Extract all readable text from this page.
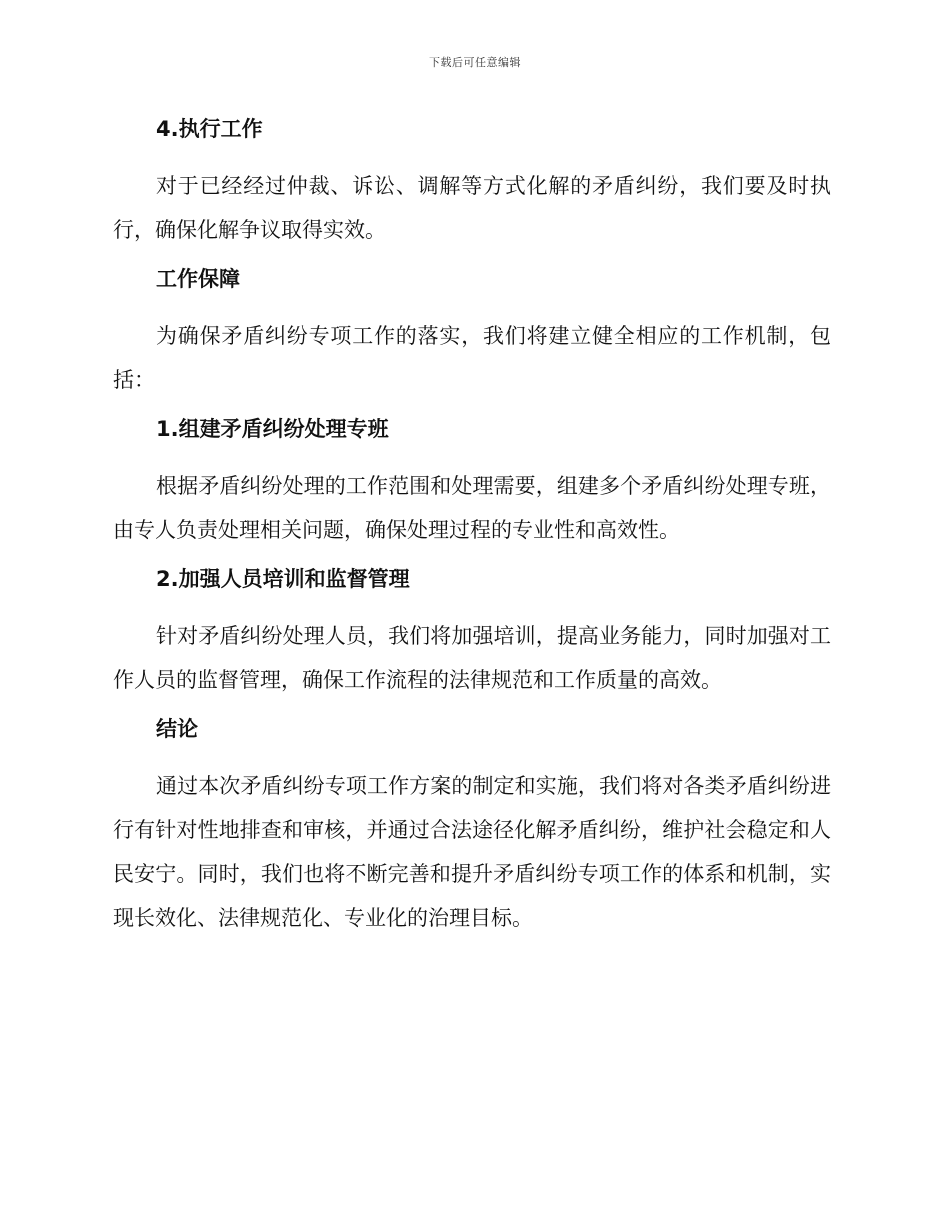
下载后可任意编辑
4.执行工作

对于已经经过仲裁、诉讼、调解等方式化解的矛盾纠纷，我们要及时执行，确保化解争议取得实效。

工作保障

为确保矛盾纠纷专项工作的落实，我们将建立健全相应的工作机制，包括：

1.组建矛盾纠纷处理专班

根据矛盾纠纷处理的工作范围和处理需要，组建多个矛盾纠纷处理专班，由专人负责处理相关问题，确保处理过程的专业性和高效性。

2.加强人员培训和监督管理

针对矛盾纠纷处理人员，我们将加强培训，提高业务能力，同时加强对工作人员的监督管理，确保工作流程的法律规范和工作质量的高效。

结论

通过本次矛盾纠纷专项工作方案的制定和实施，我们将对各类矛盾纠纷进行有针对性地排查和审核，并通过合法途径化解矛盾纠纷，维护社会稳定和人民安宁。同时，我们也将不断完善和提升矛盾纠纷专项工作的体系和机制，实现长效化、法律规范化、专业化的治理目标。
